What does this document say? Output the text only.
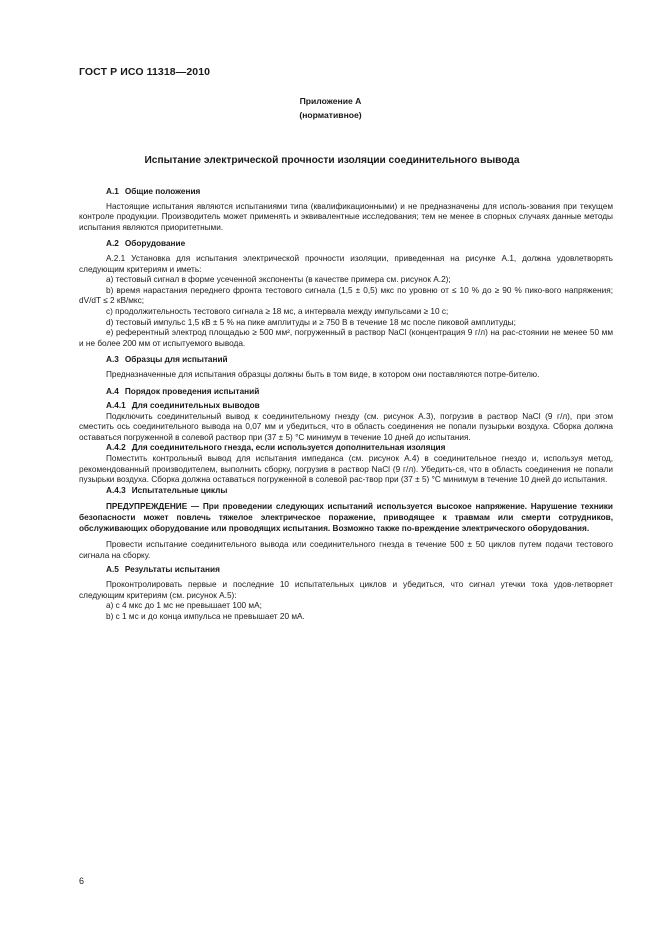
ГОСТ Р ИСО 11318—2010
Приложение А
(нормативное)
Испытание электрической прочности изоляции соединительного вывода

А.1 Общие положения

Настоящие испытания являются испытаниями типа (квалификационными) и не предназначены для исполь-зования при текущем контроле продукции. Производитель может применять и эквивалентные исследования; тем не менее в спорных случаях данные методы испытания являются приоритетными.

А.2 Оборудование

А.2.1 Установка для испытания электрической прочности изоляции, приведенная на рисунке А.1, должна удовлетворять следующим критериям и иметь:

а) тестовый сигнал в форме усеченной экспоненты (в качестве примера см. рисунок А.2);

b) время нарастания переднего фронта тестового сигнала (1,5 ± 0,5) мкс по уровню от ≤ 10 % до ≥ 90 % пико-вого напряжения; dV/dT ≤ 2 кВ/мкс;

c) продолжительность тестового сигнала ≥ 18 мс, а интервала между импульсами ≥ 10 с;

d) тестовый импульс 1,5 кВ ± 5 % на пике амплитуды и ≥ 750 В в течение 18 мс после пиковой амплитуды;

е) референтный электрод площадью ≥ 500 мм², погруженный в раствор NaCl (концентрация 9 г/л) на рас-стоянии не менее 50 мм и не более 200 мм от испытуемого вывода.

А.3 Образцы для испытаний

Предназначенные для испытания образцы должны быть в том виде, в котором они поставляются потре-бителю.

А.4 Порядок проведения испытаний

А.4.1 Для соединительных выводов

Подключить соединительный вывод к соединительному гнезду (см. рисунок А.3), погрузив в раствор NaCl (9 г/л), при этом сместить ось соединительного вывода на 0,07 мм и убедиться, что в область соединения не попали пузырьки воздуха. Сборка должна оставаться погруженной в солевой раствор при (37 ± 5) °С минимум в течение 10 дней до испытания.

А.4.2 Для соединительного гнезда, если используется дополнительная изоляция

Поместить контрольный вывод для испытания импеданса (см. рисунок А.4) в соединительное гнездо и, используя метод, рекомендованный производителем, выполнить сборку, погрузив в раствор NaCl (9 г/л). Убедить-ся, что в область соединения не попали пузырьки воздуха. Сборка должна оставаться погруженной в солевой рас-твор при (37 ± 5) °С минимум в течение 10 дней до испытания.

А.4.3 Испытательные циклы

ПРЕДУПРЕЖДЕНИЕ — При проведении следующих испытаний используется высокое напряжение. Нарушение техники безопасности может повлечь тяжелое электрическое поражение, приводящее к травмам или смерти сотрудников, обслуживающих оборудование или проводящих испытания. Возможно также по-вреждение электрического оборудования.

Провести испытание соединительного вывода или соединительного гнезда в течение 500 ± 50 циклов путем подачи тестового сигнала на сборку.

А.5 Результаты испытания

Проконтролировать первые и последние 10 испытательных циклов и убедиться, что сигнал утечки тока удов-летворяет следующим критериям (см. рисунок А.5):

а) с 4 мкс до 1 мс не превышает 100 мА;

b) с 1 мс и до конца импульса не превышает 20 мА.

6
